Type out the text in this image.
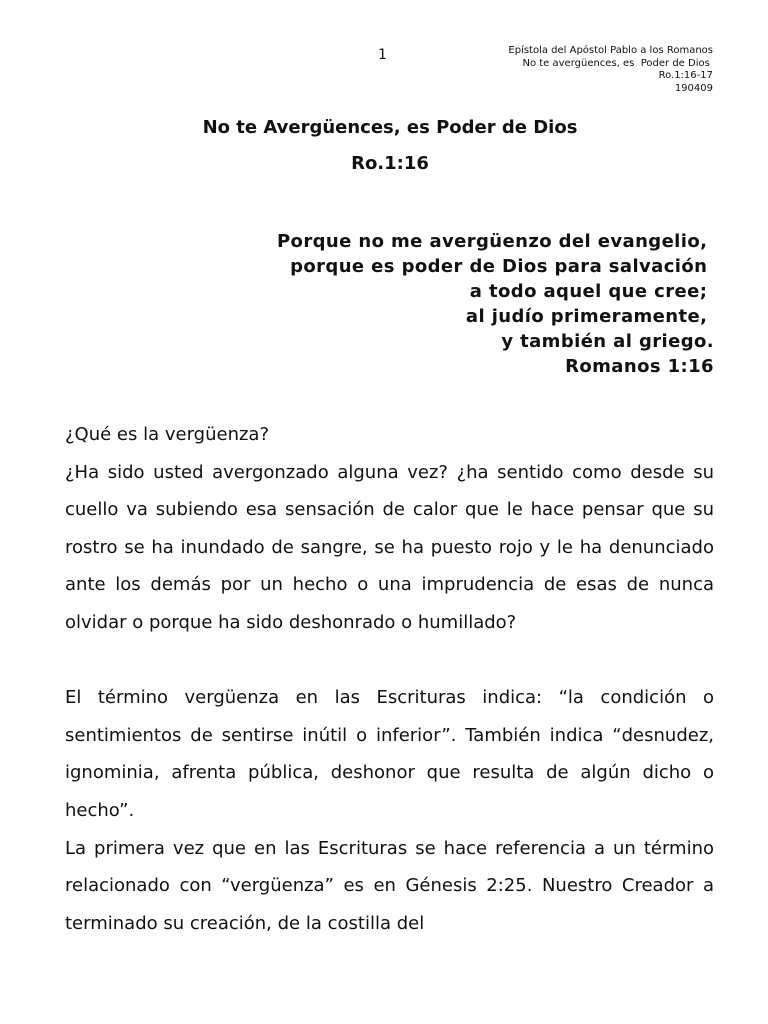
1	Epístola del Apóstol Pablo a los Romanos
No te avergüences, es  Poder de Dios
Ro.1:16-17
190409
No te Avergüences, es Poder de Dios
Ro.1:16
Porque no me avergüenzo del evangelio,
porque es poder de Dios para salvación
a todo aquel que cree;
al judío primeramente,
y también al griego.
Romanos 1:16

¿Qué es la vergüenza?

¿Ha sido usted avergonzado alguna vez? ¿ha sentido como desde su cuello va subiendo esa sensación de calor que le hace pensar que su rostro se ha inundado de sangre, se ha puesto rojo y le ha denunciado ante los demás por un hecho o una imprudencia de esas de nunca olvidar o porque ha sido deshonrado o humillado?

El término vergüenza en las Escrituras indica: “la condición o sentimientos de sentirse inútil o inferior”. También indica “desnudez, ignominia, afrenta pública, deshonor que resulta de algún dicho o hecho”.

La primera vez que en las Escrituras se hace referencia a un término relacionado con “vergüenza” es en Génesis 2:25. Nuestro Creador a terminado su creación, de la costilla del
